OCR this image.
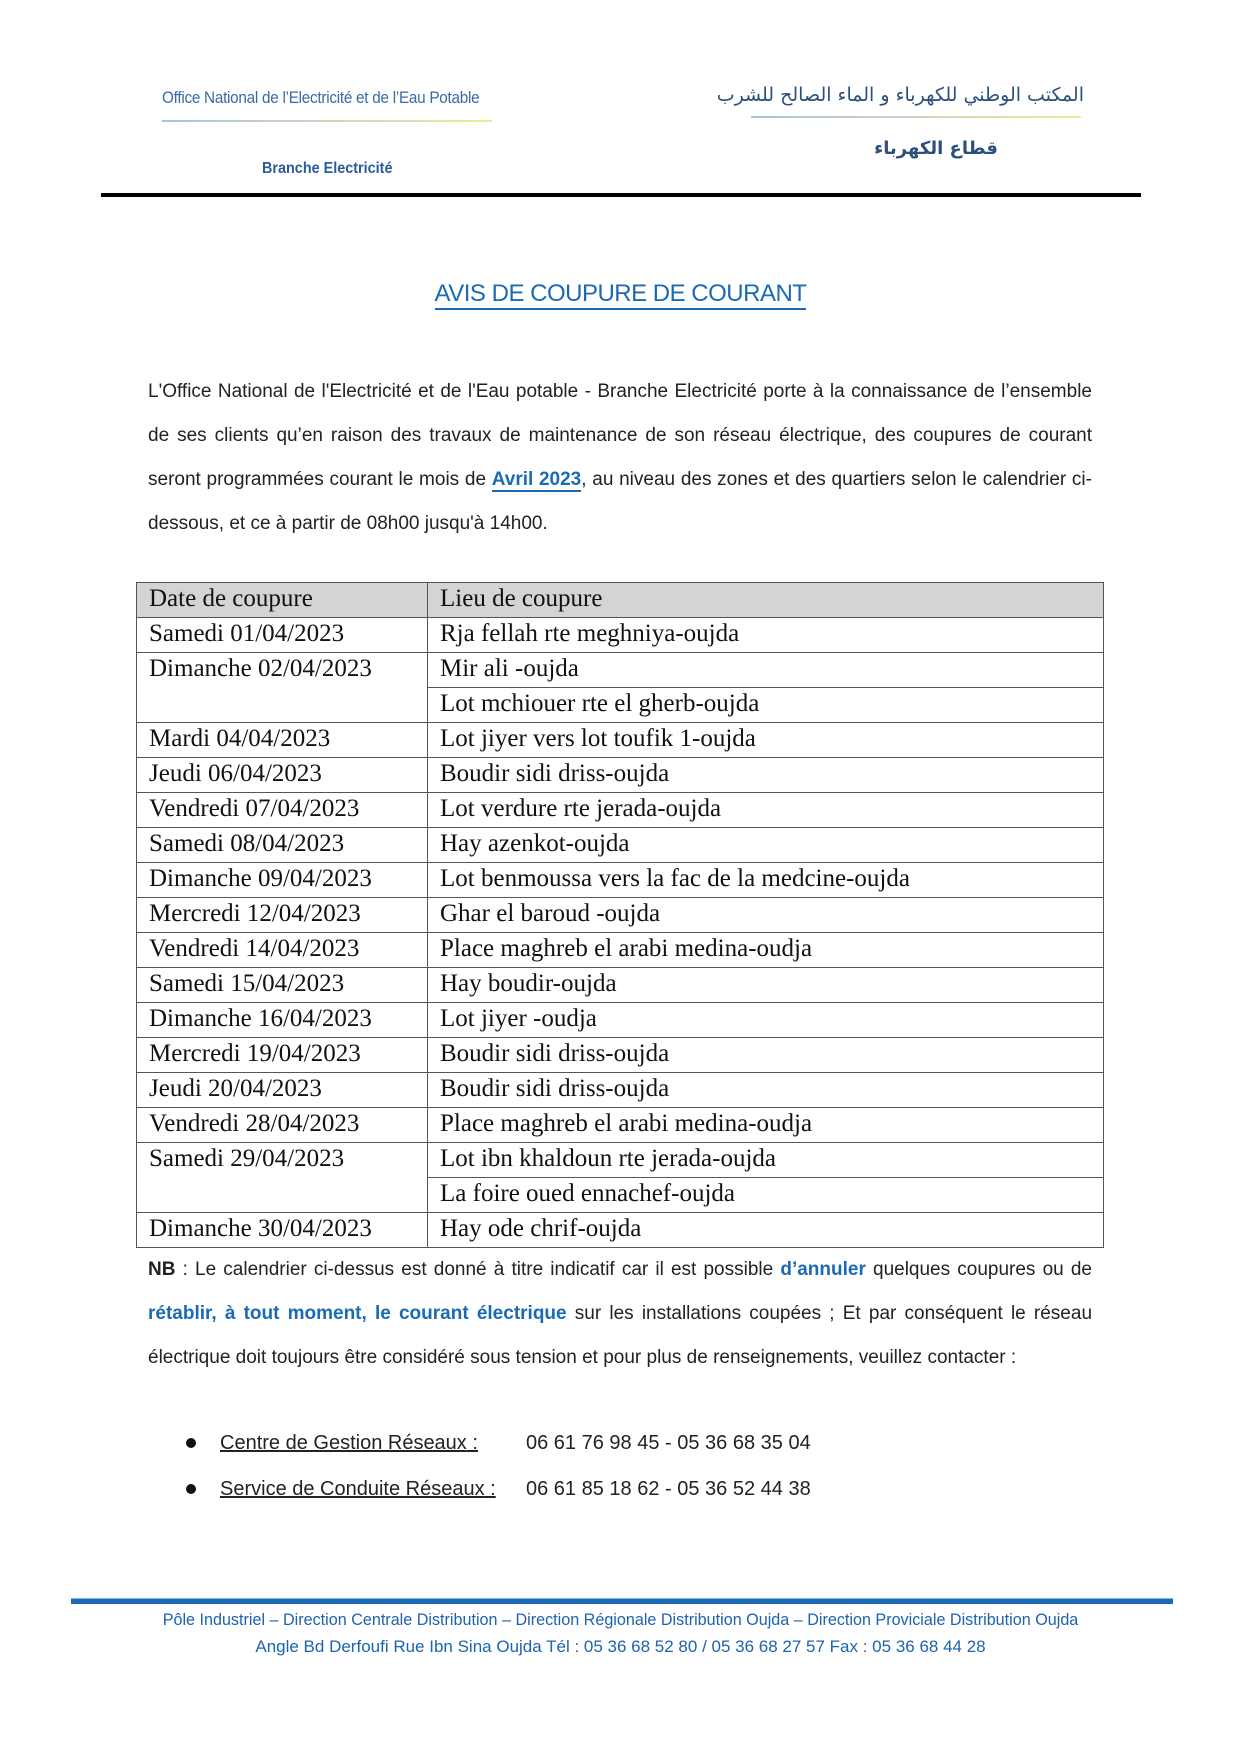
Office National de l’Electricité et de l’Eau Potable
Branche Electricité
المكتب الوطني للكهرباء و الماء الصالح للشرب
قطاع الكهرباء
AVIS DE COUPURE DE COURANT
L'Office National de l'Electricité et de l'Eau potable - Branche Electricité porte à la connaissance de l’ensemble de ses clients qu’en raison des travaux de maintenance de son réseau électrique, des coupures de courant seront programmées courant le mois de Avril 2023, au niveau des zones et des quartiers selon le calendrier ci-dessous, et ce à partir de 08h00 jusqu'à 14h00.
Date de coupure	Lieu de coupure
Samedi 01/04/2023	Rja fellah rte meghniya-oujda
Dimanche 02/04/2023	Mir ali -oujda
	Lot mchiouer rte el gherb-oujda
Mardi 04/04/2023	Lot jiyer vers lot toufik 1-oujda
Jeudi 06/04/2023	Boudir sidi driss-oujda
Vendredi 07/04/2023	Lot verdure rte jerada-oujda
Samedi 08/04/2023	Hay azenkot-oujda
Dimanche 09/04/2023	Lot benmoussa vers la fac de la medcine-oujda
Mercredi 12/04/2023	Ghar el baroud -oujda
Vendredi 14/04/2023	Place maghreb el arabi medina-oudja
Samedi 15/04/2023	Hay boudir-oujda
Dimanche 16/04/2023	Lot jiyer -oudja
Mercredi 19/04/2023	Boudir sidi driss-oujda
Jeudi 20/04/2023	Boudir sidi driss-oujda
Vendredi 28/04/2023	Place maghreb el arabi medina-oudja
Samedi 29/04/2023	Lot ibn khaldoun rte jerada-oujda
	La foire oued ennachef-oujda
Dimanche 30/04/2023	Hay ode chrif-oujda

NB : Le calendrier ci-dessus est donné à titre indicatif car il est possible d’annuler quelques coupures ou de rétablir, à tout moment, le courant électrique sur les installations coupées ; Et par conséquent le réseau électrique doit toujours être considéré sous tension et pour plus de renseignements, veuillez contacter :

Centre de Gestion Réseaux :	06 61 76 98 45 - 05 36 68 35 04
Service de Conduite Réseaux :	06 61 85 18 62 - 05 36 52 44 38
Pôle Industriel – Direction Centrale Distribution – Direction Régionale Distribution Oujda – Direction Proviciale Distribution Oujda
Angle Bd Derfoufi Rue Ibn Sina Oujda Tél : 05 36 68 52 80 / 05 36 68 27 57 Fax : 05 36 68 44 28
